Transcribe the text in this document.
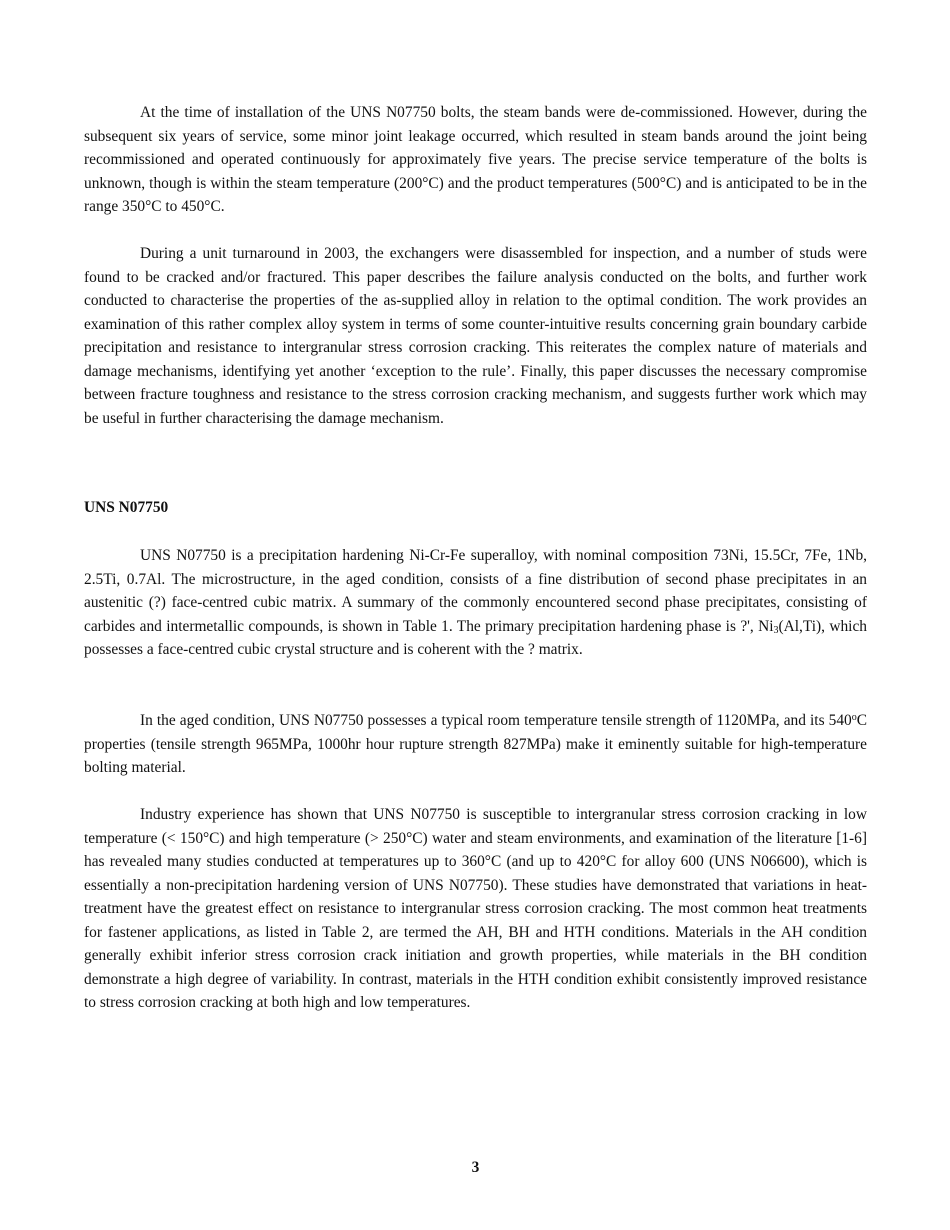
At the time of installation of the UNS N07750 bolts, the steam bands were de-commissioned. However, during the subsequent six years of service, some minor joint leakage occurred, which resulted in steam bands around the joint being recommissioned and operated continuously for approximately five years. The precise service temperature of the bolts is unknown, though is within the steam temperature (200°C) and the product temperatures (500°C) and is anticipated to be in the range 350°C to 450°C.

During a unit turnaround in 2003, the exchangers were disassembled for inspection, and a number of studs were found to be cracked and/or fractured. This paper describes the failure analysis conducted on the bolts, and further work conducted to characterise the properties of the as-supplied alloy in relation to the optimal condition. The work provides an examination of this rather complex alloy system in terms of some counter-intuitive results concerning grain boundary carbide precipitation and resistance to intergranular stress corrosion cracking. This reiterates the complex nature of materials and damage mechanisms, identifying yet another ‘exception to the rule’. Finally, this paper discusses the necessary compromise between fracture toughness and resistance to the stress corrosion cracking mechanism, and suggests further work which may be useful in further characterising the damage mechanism.

UNS N07750

UNS N07750 is a precipitation hardening Ni-Cr-Fe superalloy, with nominal composition 73Ni, 15.5Cr, 7Fe, 1Nb, 2.5Ti, 0.7Al. The microstructure, in the aged condition, consists of a fine distribution of second phase precipitates in an austenitic (?) face-centred cubic matrix. A summary of the commonly encountered second phase precipitates, consisting of carbides and intermetallic compounds, is shown in Table 1. The primary precipitation hardening phase is ?', $Ni_3(Al,Ti)$, which possesses a face-centred cubic crystal structure and is coherent with the ? matrix.

In the aged condition, UNS N07750 possesses a typical room temperature tensile strength of 1120MPa, and its 540$^o$C properties (tensile strength 965MPa, 1000hr hour rupture strength 827MPa) make it eminently suitable for high-temperature bolting material.

Industry experience has shown that UNS N07750 is susceptible to intergranular stress corrosion cracking in low temperature (< 150°C) and high temperature (> 250°C) water and steam environments, and examination of the literature [1-6] has revealed many studies conducted at temperatures up to 360°C (and up to 420°C for alloy 600 (UNS N06600), which is essentially a non-precipitation hardening version of UNS N07750). These studies have demonstrated that variations in heat-treatment have the greatest effect on resistance to intergranular stress corrosion cracking. The most common heat treatments for fastener applications, as listed in Table 2, are termed the AH, BH and HTH conditions. Materials in the AH condition generally exhibit inferior stress corrosion crack initiation and growth properties, while materials in the BH condition demonstrate a high degree of variability. In contrast, materials in the HTH condition exhibit consistently improved resistance to stress corrosion cracking at both high and low temperatures.

3
